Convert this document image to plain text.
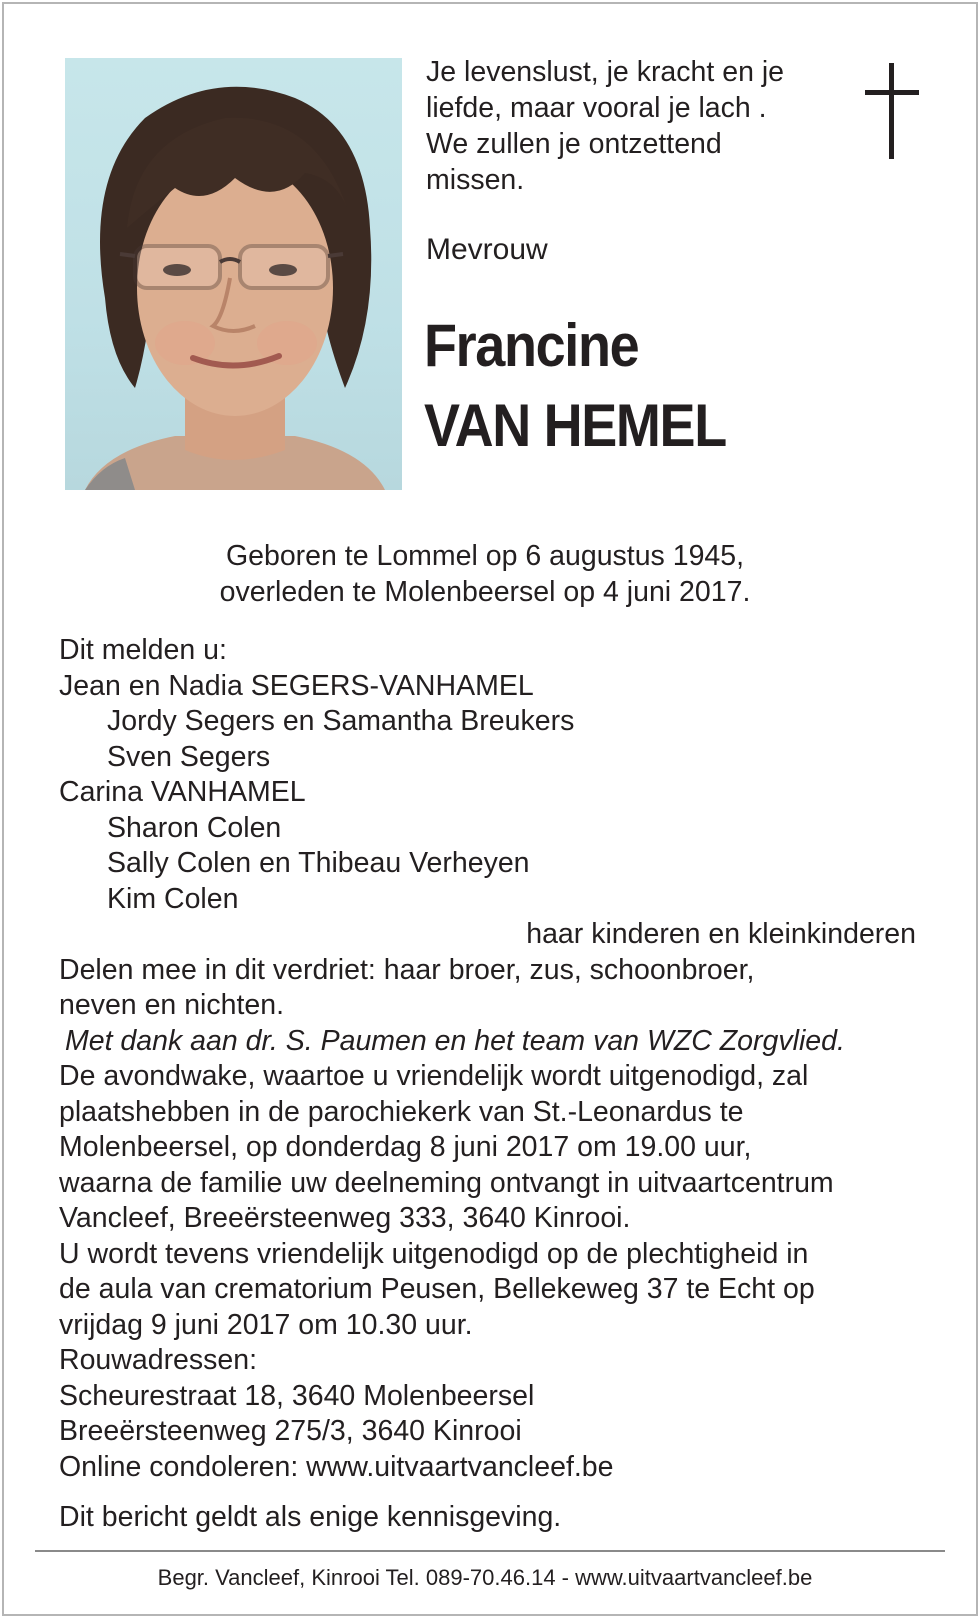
Je levenslust, je kracht en je
liefde, maar vooral je lach .
We zullen je ontzettend
missen.
Mevrouw
Francine
VAN HEMEL
Geboren te Lommel op 6 augustus 1945,
overleden te Molenbeersel op 4 juni 2017.
Dit melden u:
Jean en Nadia SEGERS-VANHAMEL
Jordy Segers en Samantha Breukers
Sven Segers
Carina VANHAMEL
Sharon Colen
Sally Colen en Thibeau Verheyen
Kim Colen
haar kinderen en kleinkinderen
Delen mee in dit verdriet: haar broer, zus, schoonbroer,
neven en nichten.
Met dank aan dr. S. Paumen en het team van WZC Zorgvlied.
De avondwake, waartoe u vriendelijk wordt uitgenodigd, zal
plaatshebben in de parochiekerk van St.-Leonardus te
Molenbeersel, op donderdag 8 juni 2017 om 19.00 uur,
waarna de familie uw deelneming ontvangt in uitvaartcentrum
Vancleef, Breeërsteenweg 333, 3640 Kinrooi.
U wordt tevens vriendelijk uitgenodigd op de plechtigheid in
de aula van crematorium Peusen, Bellekeweg 37 te Echt op
vrijdag 9 juni 2017 om 10.30 uur.
Rouwadressen:
Scheurestraat 18, 3640 Molenbeersel
Breeërsteenweg 275/3, 3640 Kinrooi
Online condoleren: www.uitvaartvancleef.be
Dit bericht geldt als enige kennisgeving.
Begr. Vancleef, Kinrooi Tel. 089-70.46.14 - www.uitvaartvancleef.be
